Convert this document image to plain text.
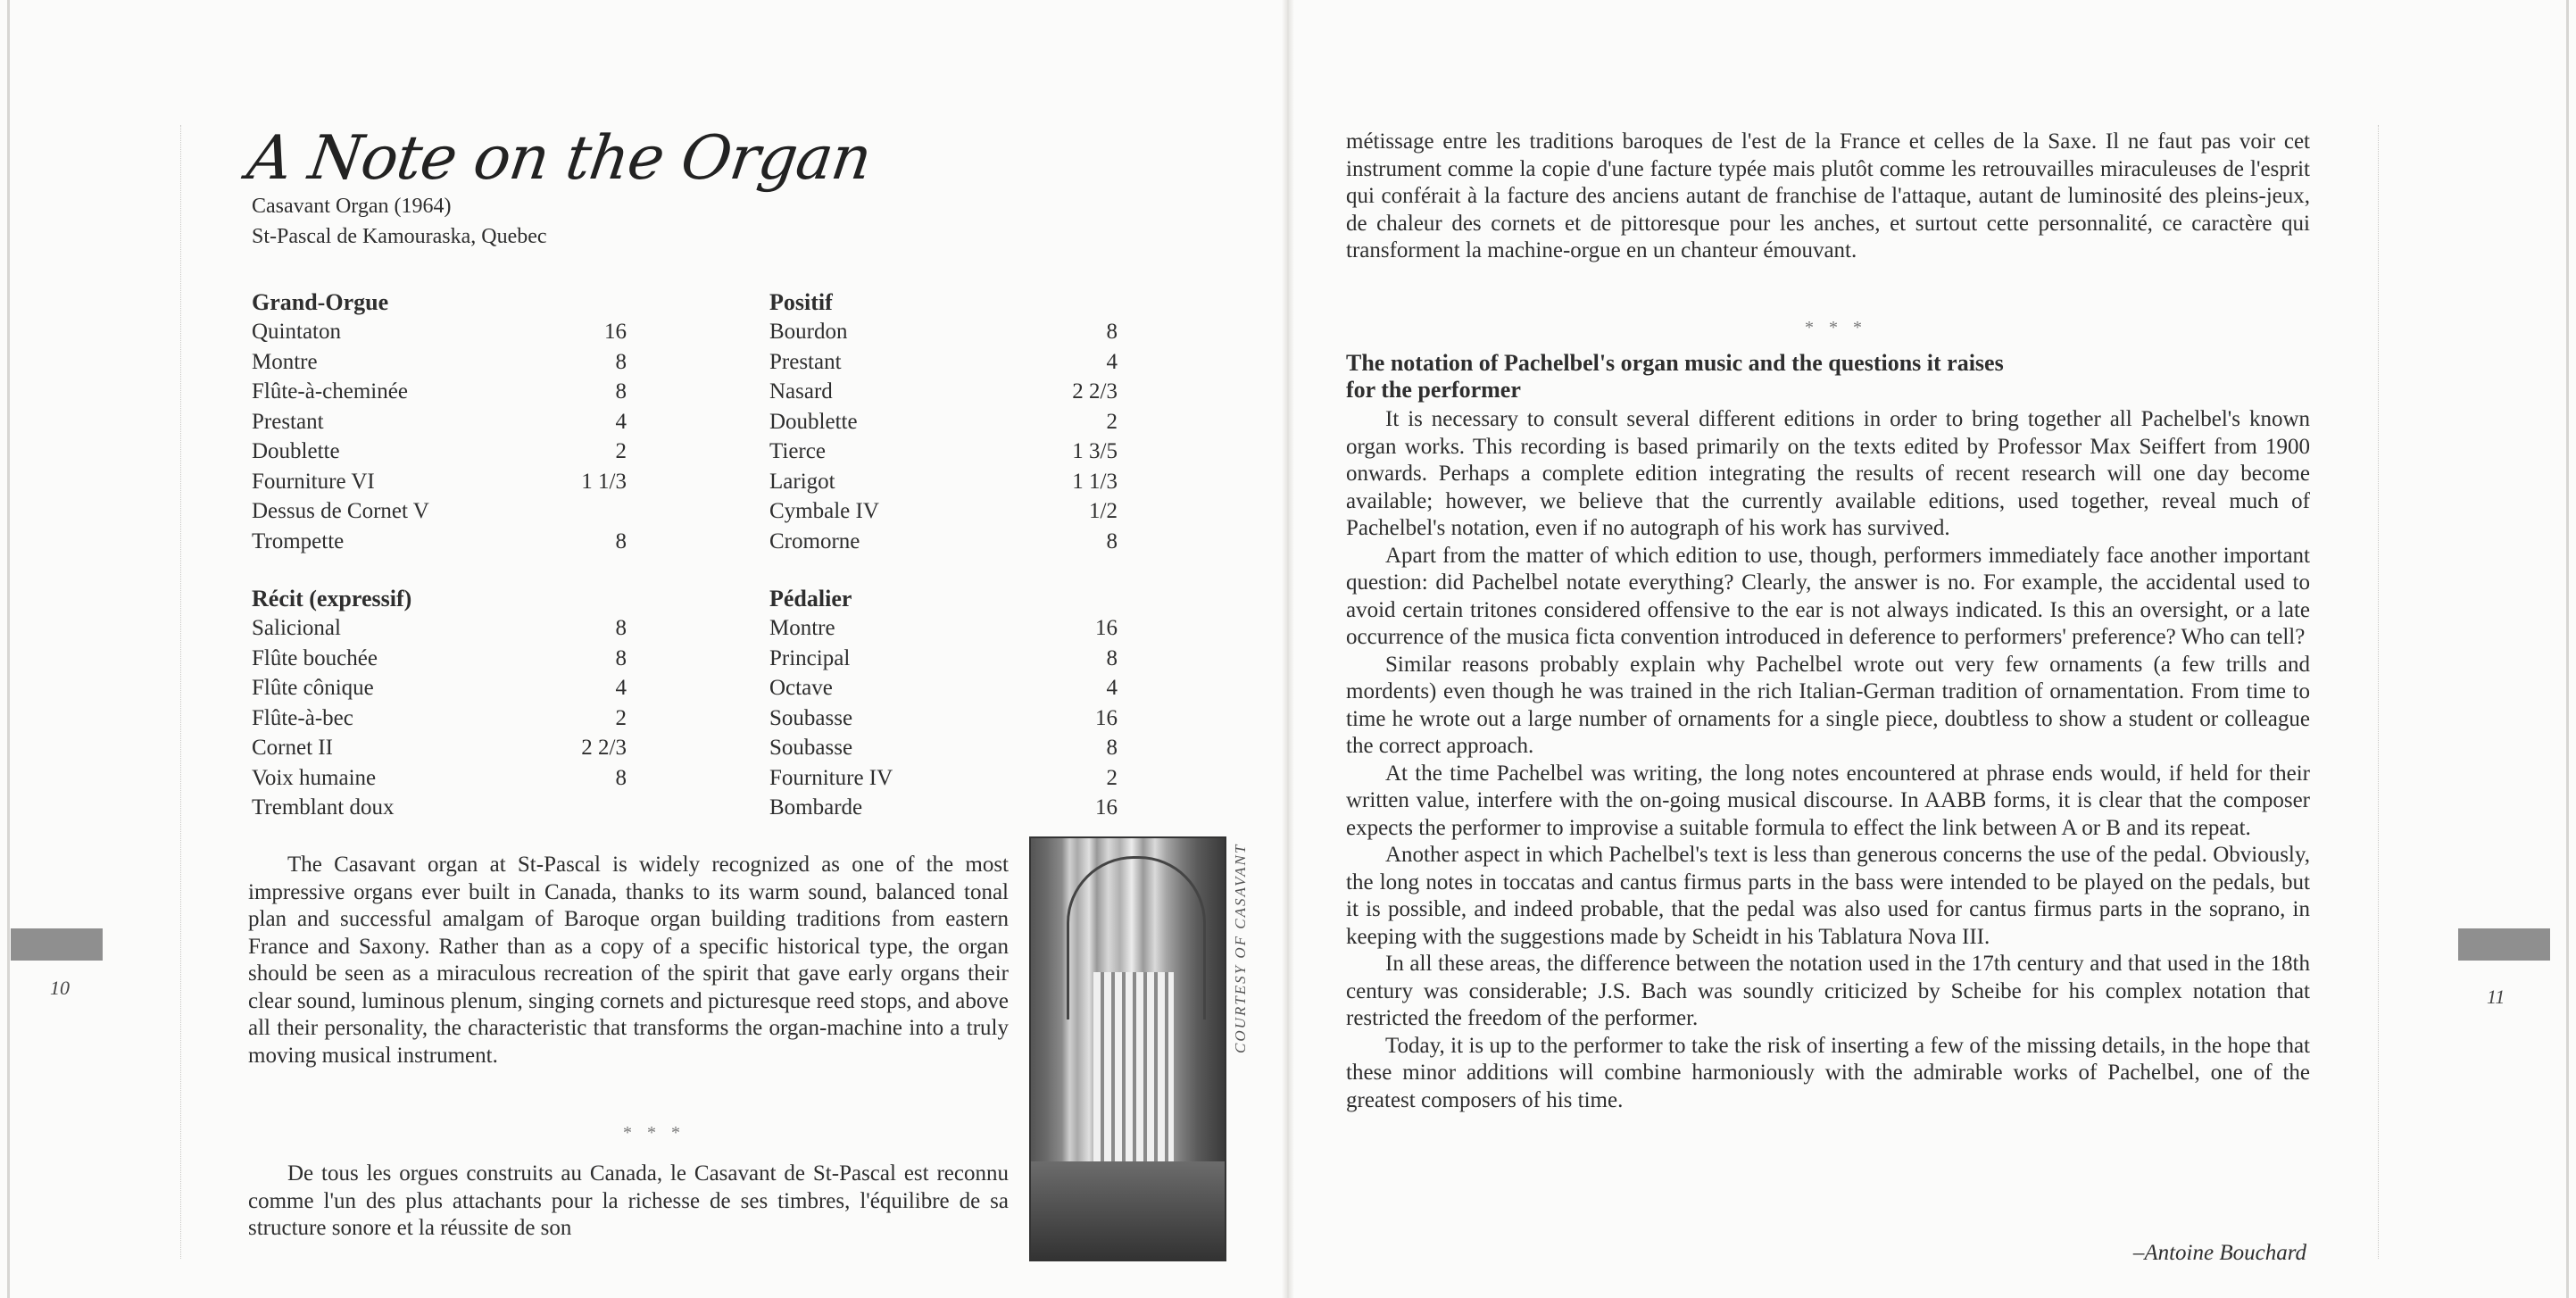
10	11
A Note on the Organ
Casavant Organ (1964)
St-Pascal de Kamouraska, Quebec
Grand-Orgue
Quintaton	16
Montre	8
Flûte-à-cheminée	8
Prestant	4
Doublette	2
Fourniture VI	1 1/3
Dessus de Cornet V
Trompette	8
Positif
Bourdon	8
Prestant	4
Nasard	2 2/3
Doublette	2
Tierce	1 3/5
Larigot	1 1/3
Cymbale IV	1/2
Cromorne	8
Récit (expressif)
Salicional	8
Flûte bouchée	8
Flûte cônique	4
Flûte-à-bec	2
Cornet II	2 2/3
Voix humaine	8
Tremblant doux
Pédalier
Montre	16
Principal	8
Octave	4
Soubasse	16
Soubasse	8
Fourniture IV	2
Bombarde	16

The Casavant organ at St-Pascal is widely recognized as one of the most impressive organs ever built in Canada, thanks to its warm sound, balanced tonal plan and successful amalgam of Baroque organ building traditions from eastern France and Saxony. Rather than as a copy of a specific historical type, the organ should be seen as a miraculous recreation of the spirit that gave early organs their clear sound, luminous plenum, singing cornets and picturesque reed stops, and above all their personality, the characteristic that transforms the organ-machine into a truly moving musical instrument.

* * *

De tous les orgues construits au Canada, le Casavant de St-Pascal est reconnu comme l'un des plus attachants pour la richesse de ses timbres, l'équilibre de sa structure sonore et la réussite de son

COURTESY OF CASAVANT

métissage entre les traditions baroques de l'est de la France et celles de la Saxe. Il ne faut pas voir cet instrument comme la copie d'une facture typée mais plutôt comme les retrouvailles miraculeuses de l'esprit qui conférait à la facture des anciens autant de franchise de l'attaque, autant de luminosité des pleins-jeux, de chaleur des cornets et de pittoresque pour les anches, et surtout cette personnalité, ce caractère qui transforment la machine-orgue en un chanteur émouvant.

* * *
The notation of Pachelbel's organ music and the questions it raises
for the performer

It is necessary to consult several different editions in order to bring together all Pachelbel's known organ works. This recording is based primarily on the texts edited by Professor Max Seiffert from 1900 onwards. Perhaps a complete edition integrating the results of recent research will one day become available; however, we believe that the currently available editions, used together, reveal much of Pachelbel's notation, even if no autograph of his work has survived.

Apart from the matter of which edition to use, though, performers immediately face another important question: did Pachelbel notate everything? Clearly, the answer is no. For example, the accidental used to avoid certain tritones considered offensive to the ear is not always indicated. Is this an oversight, or a late occurrence of the musica ficta convention introduced in deference to performers' preference? Who can tell?

Similar reasons probably explain why Pachelbel wrote out very few ornaments (a few trills and mordents) even though he was trained in the rich Italian-German tradition of ornamentation. From time to time he wrote out a large number of ornaments for a single piece, doubtless to show a student or colleague the correct approach.

At the time Pachelbel was writing, the long notes encountered at phrase ends would, if held for their written value, interfere with the on-going musical discourse. In AABB forms, it is clear that the composer expects the performer to improvise a suitable formula to effect the link between A or B and its repeat.

Another aspect in which Pachelbel's text is less than generous concerns the use of the pedal. Obviously, the long notes in toccatas and cantus firmus parts in the bass were intended to be played on the pedals, but it is possible, and indeed probable, that the pedal was also used for cantus firmus parts in the soprano, in keeping with the suggestions made by Scheidt in his Tablatura Nova III.

In all these areas, the difference between the notation used in the 17th century and that used in the 18th century was considerable; J.S. Bach was soundly criticized by Scheibe for his complex notation that restricted the freedom of the performer.

Today, it is up to the performer to take the risk of inserting a few of the missing details, in the hope that these minor additions will combine harmoniously with the admirable works of Pachelbel, one of the greatest composers of his time.

–Antoine Bouchard
